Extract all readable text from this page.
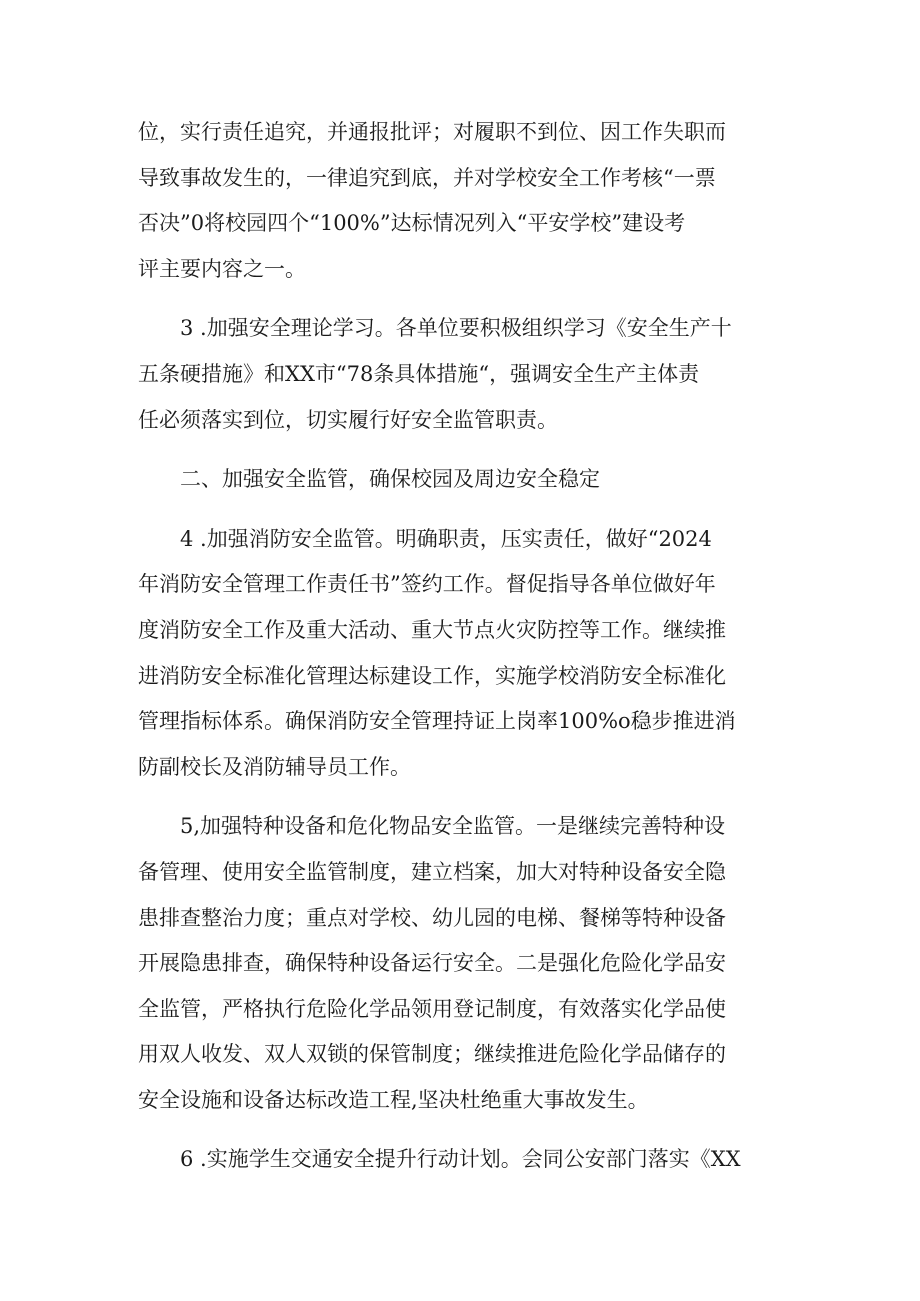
位，实行责任追究，并通报批评；对履职不到位、因工作失职而
导致事故发生的，一律追究到底，并对学校安全工作考核“一票
否决”0将校园四个“100%”达标情况列入“平安学校”建设考
评主要内容之一。
3 .加强安全理论学习。各单位要积极组织学习《安全生产十
五条硬措施》和XX市“78条具体措施“，强调安全生产主体责
任必须落实到位，切实履行好安全监管职责。
二、加强安全监管，确保校园及周边安全稳定
4 .加强消防安全监管。明确职责，压实责任，做好“2024
年消防安全管理工作责任书”签约工作。督促指导各单位做好年
度消防安全工作及重大活动、重大节点火灾防控等工作。继续推
进消防安全标准化管理达标建设工作，实施学校消防安全标准化
管理指标体系。确保消防安全管理持证上岗率100%o稳步推进消
防副校长及消防辅导员工作。
5,加强特种设备和危化物品安全监管。一是继续完善特种设
备管理、使用安全监管制度，建立档案，加大对特种设备安全隐
患排查整治力度；重点对学校、幼儿园的电梯、餐梯等特种设备
开展隐患排查，确保特种设备运行安全。二是强化危险化学品安
全监管，严格执行危险化学品领用登记制度，有效落实化学品使
用双人收发、双人双锁的保管制度；继续推进危险化学品储存的
安全设施和设备达标改造工程,坚决杜绝重大事故发生。
6 .实施学生交通安全提升行动计划。会同公安部门落实《XX
